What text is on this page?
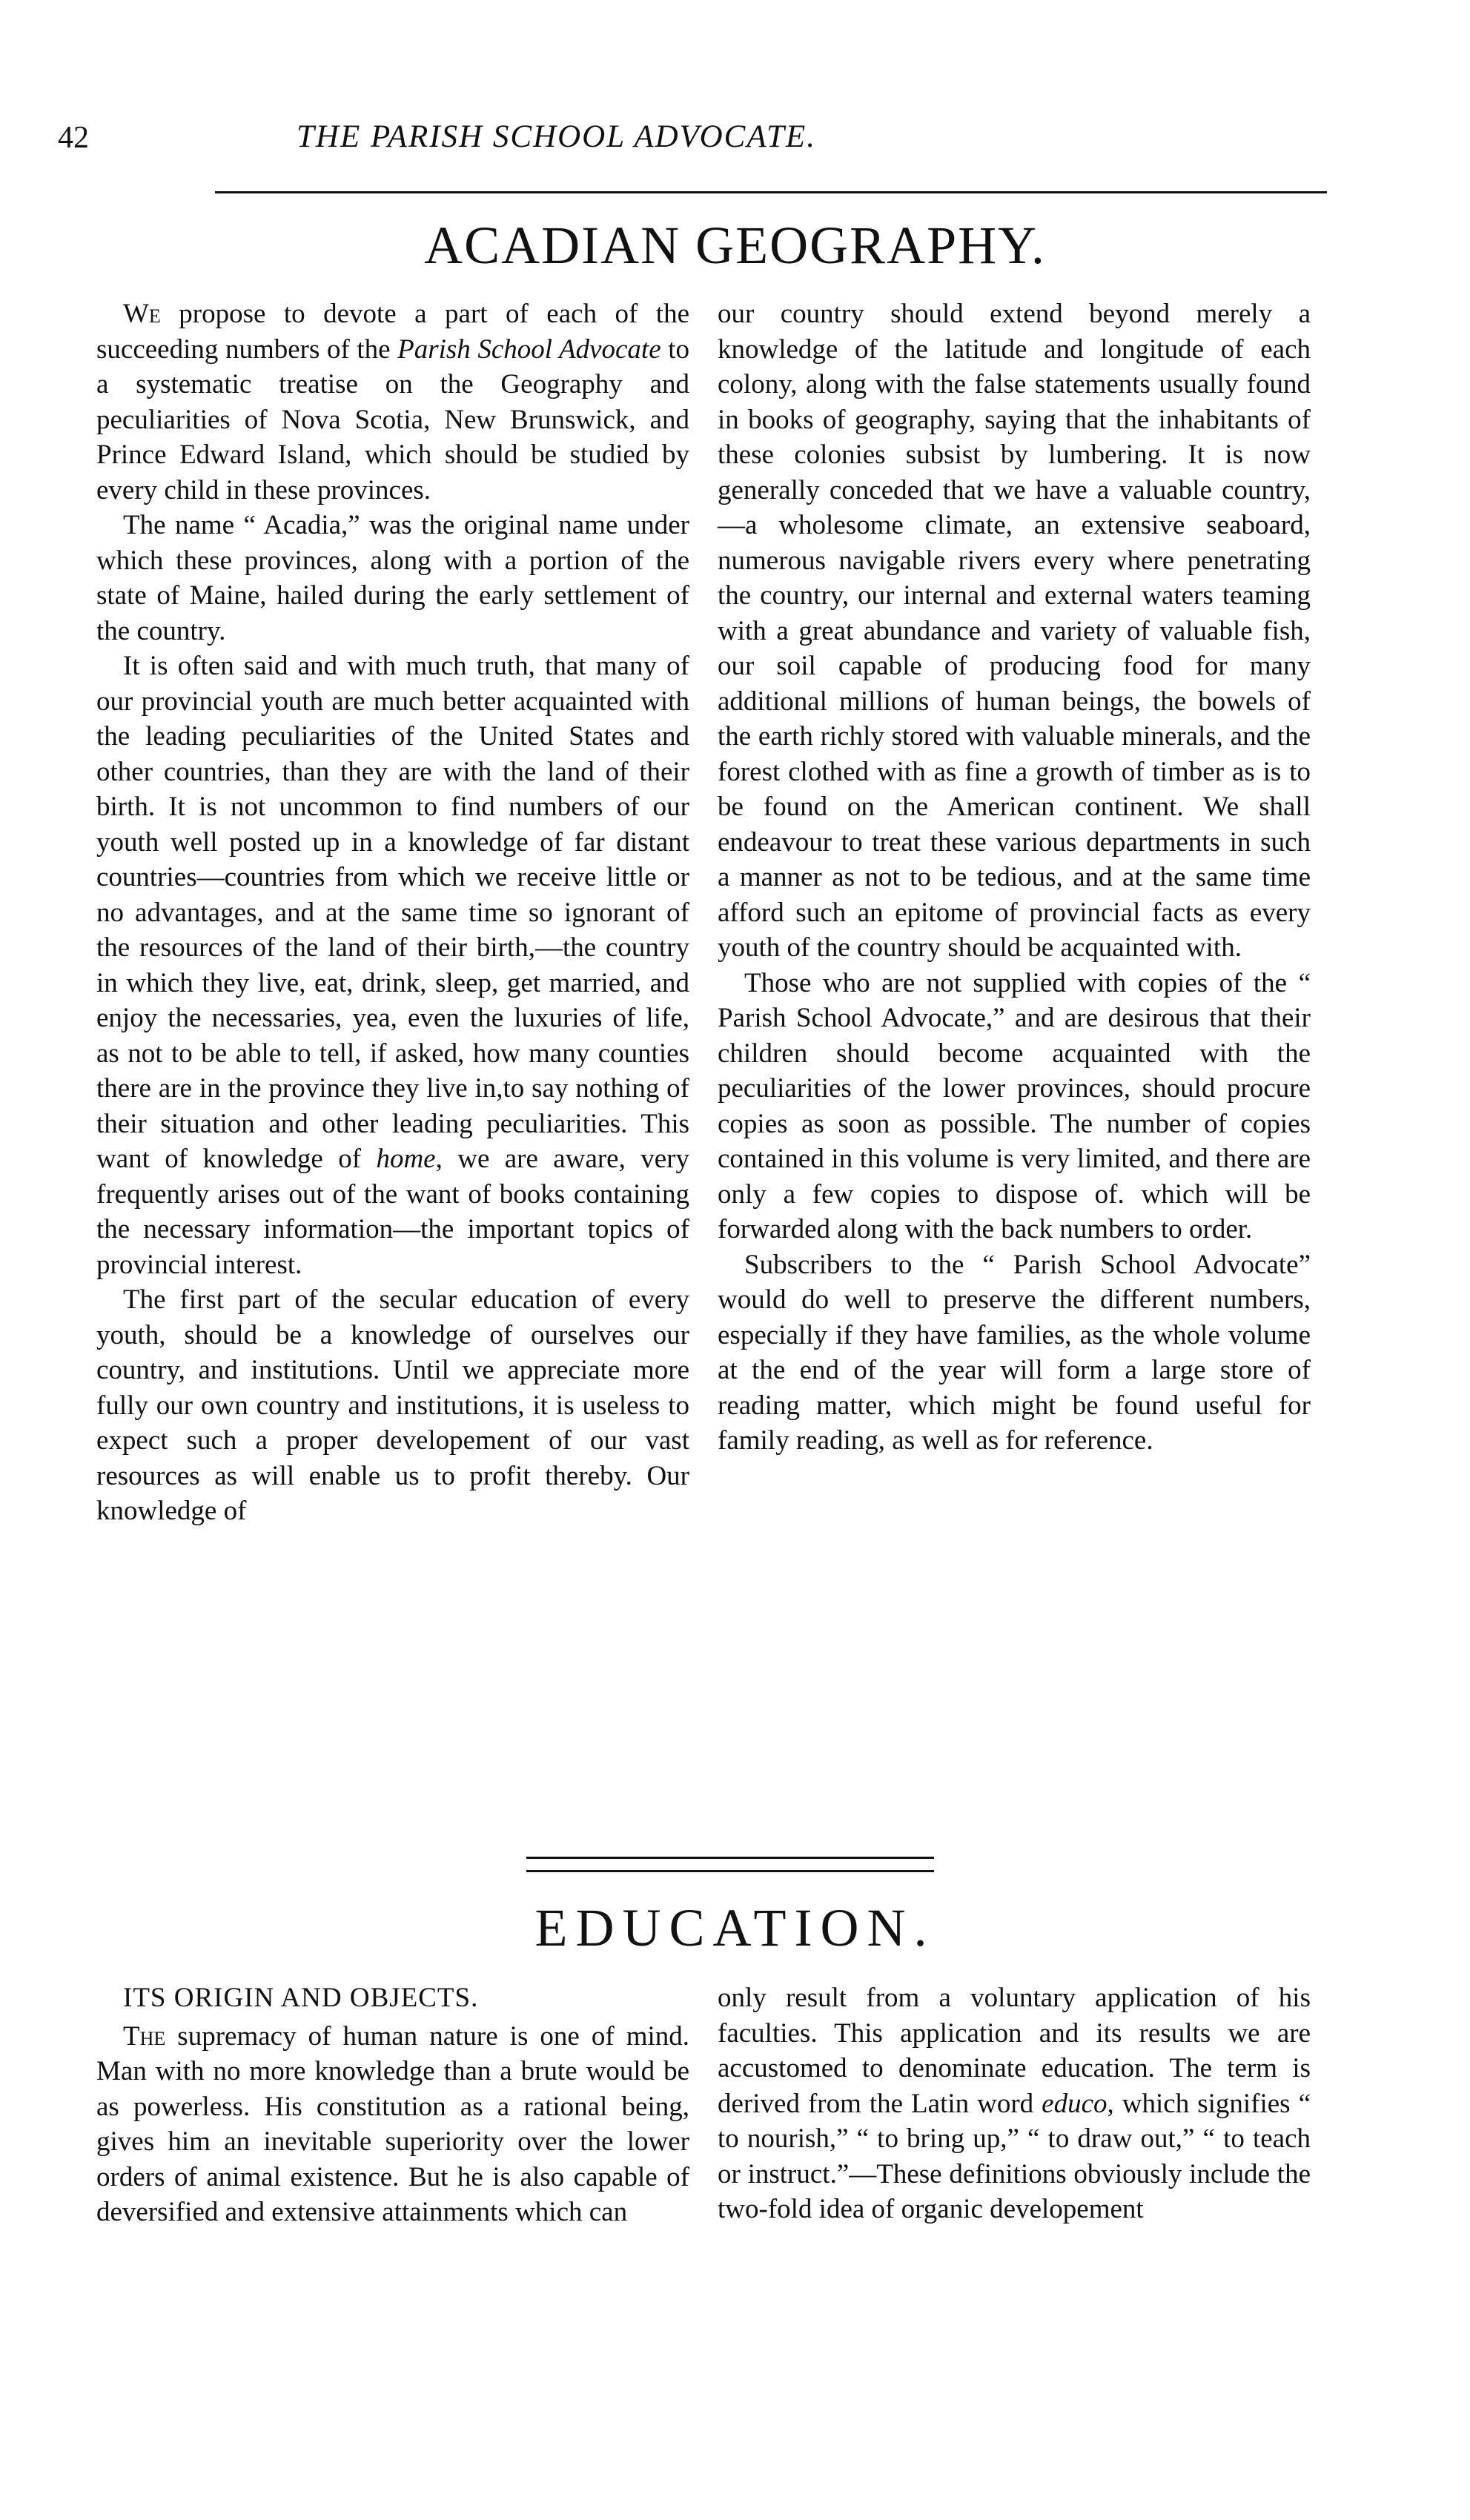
42	THE PARISH SCHOOL ADVOCATE.
ACADIAN GEOGRAPHY.

We propose to devote a part of each of the succeeding numbers of the Parish School Advocate to a systematic treatise on the Geography and peculiarities of Nova Scotia, New Brunswick, and Prince Edward Island, which should be studied by every child in these provinces.

The name “ Acadia,” was the original name under which these provinces, along with a portion of the state of Maine, hailed during the early settlement of the country.

It is often said and with much truth, that many of our provincial youth are much better acquainted with the leading peculiarities of the United States and other countries, than they are with the land of their birth. It is not uncommon to find numbers of our youth well posted up in a knowledge of far distant countries—countries from which we receive little or no advantages, and at the same time so ignorant of the resources of the land of their birth,—the country in which they live, eat, drink, sleep, get married, and enjoy the necessaries, yea, even the luxuries of life, as not to be able to tell, if asked, how many counties there are in the province they live in,to say nothing of their situation and other leading peculiarities. This want of knowledge of home, we are aware, very frequently arises out of the want of books containing the necessary information—the important topics of provincial interest.

The first part of the secular education of every youth, should be a knowledge of ourselves our country, and institutions. Until we appreciate more fully our own country and institutions, it is useless to expect such a proper developement of our vast resources as will enable us to profit thereby. Our knowledge of

our country should extend beyond merely a knowledge of the latitude and longitude of each colony, along with the false statements usually found in books of geography, saying that the inhabitants of these colonies subsist by lumbering. It is now generally conceded that we have a valuable country,—a wholesome climate, an extensive seaboard, numerous navigable rivers every where penetrating the country, our internal and external waters teaming with a great abundance and variety of valuable fish, our soil capable of producing food for many additional millions of human beings, the bowels of the earth richly stored with valuable minerals, and the forest clothed with as fine a growth of timber as is to be found on the American continent. We shall endeavour to treat these various departments in such a manner as not to be tedious, and at the same time afford such an epitome of provincial facts as every youth of the country should be acquainted with.

Those who are not supplied with copies of the “ Parish School Advocate,” and are desirous that their children should become acquainted with the peculiarities of the lower provinces, should procure copies as soon as possible. The number of copies contained in this volume is very limited, and there are only a few copies to dispose of. which will be forwarded along with the back numbers to order.

Subscribers to the “ Parish School Advocate” would do well to preserve the different numbers, especially if they have families, as the whole volume at the end of the year will form a large store of reading matter, which might be found useful for family reading, as well as for reference.

EDUCATION.

ITS ORIGIN AND OBJECTS.

The supremacy of human nature is one of mind. Man with no more knowledge than a brute would be as powerless. His constitution as a rational being, gives him an inevitable superiority over the lower orders of animal existence. But he is also capable of deversified and extensive attainments which can

only result from a voluntary application of his faculties. This application and its results we are accustomed to denominate education. The term is derived from the Latin word educo, which signifies “ to nourish,” “ to bring up,” “ to draw out,” “ to teach or instruct.”—These definitions obviously include the two-fold idea of organic developement
